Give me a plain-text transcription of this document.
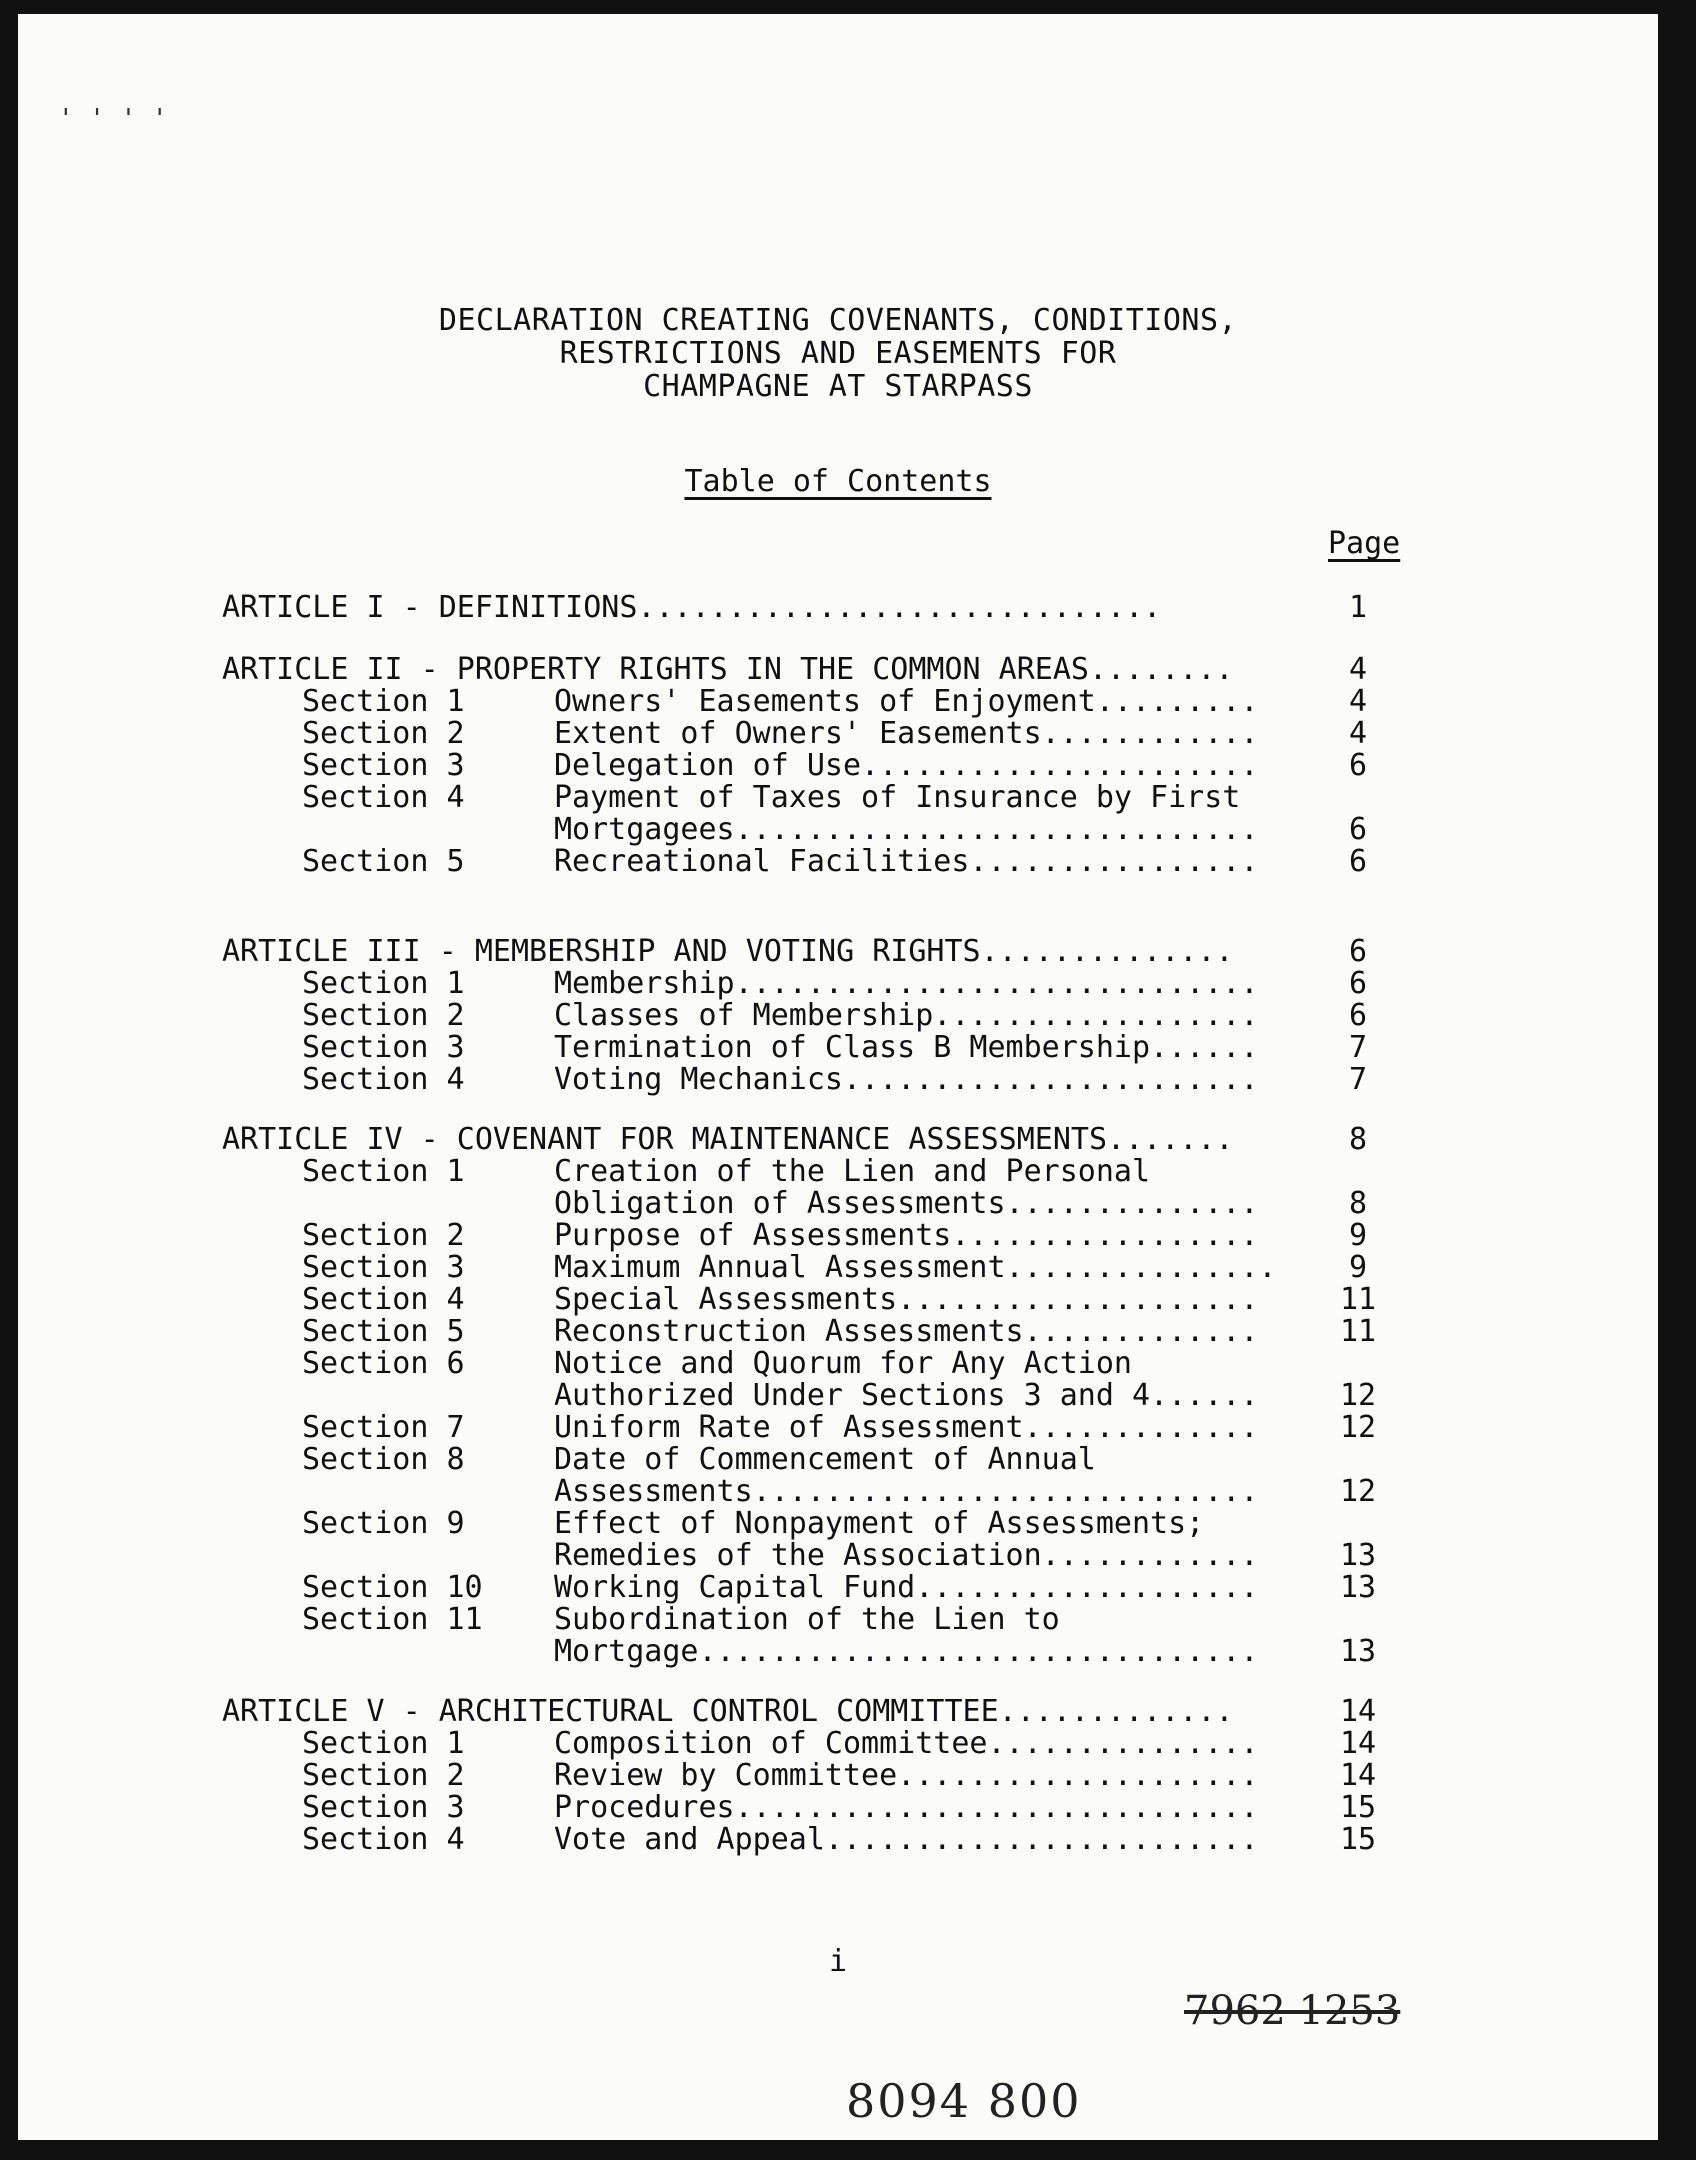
' ' ' '
DECLARATION CREATING COVENANTS, CONDITIONS,
RESTRICTIONS AND EASEMENTS FOR
CHAMPAGNE AT STARPASS
Table of Contents
Page
ARTICLE I - DEFINITIONS.............................	1
ARTICLE II - PROPERTY RIGHTS IN THE COMMON AREAS........	4
Section 1	Owners' Easements of Enjoyment.........	4
Section 2	Extent of Owners' Easements............	4
Section 3	Delegation of Use......................	6
Section 4	Payment of Taxes of Insurance by First
Mortgagees.............................	6
Section 5	Recreational Facilities................	6
ARTICLE III - MEMBERSHIP AND VOTING RIGHTS..............	6
Section 1	Membership.............................	6
Section 2	Classes of Membership..................	6
Section 3	Termination of Class B Membership......	7
Section 4	Voting Mechanics.......................	7
ARTICLE IV - COVENANT FOR MAINTENANCE ASSESSMENTS.......	8
Section 1	Creation of the Lien and Personal
Obligation of Assessments..............	8
Section 2	Purpose of Assessments.................	9
Section 3	Maximum Annual Assessment...............	9
Section 4	Special Assessments....................	11
Section 5	Reconstruction Assessments.............	11
Section 6	Notice and Quorum for Any Action
Authorized Under Sections 3 and 4......	12
Section 7	Uniform Rate of Assessment.............	12
Section 8	Date of Commencement of Annual
Assessments............................	12
Section 9	Effect of Nonpayment of Assessments;
Remedies of the Association............	13
Section 10 Working Capital Fund...................	13
Section 11 Subordination of the Lien to
Mortgage...............................	13
ARTICLE V - ARCHITECTURAL CONTROL COMMITTEE.............	14
Section 1	Composition of Committee...............	14
Section 2	Review by Committee....................	14
Section 3	Procedures.............................	15
Section 4	Vote and Appeal........................	15
i
7962 1253
8094 800
